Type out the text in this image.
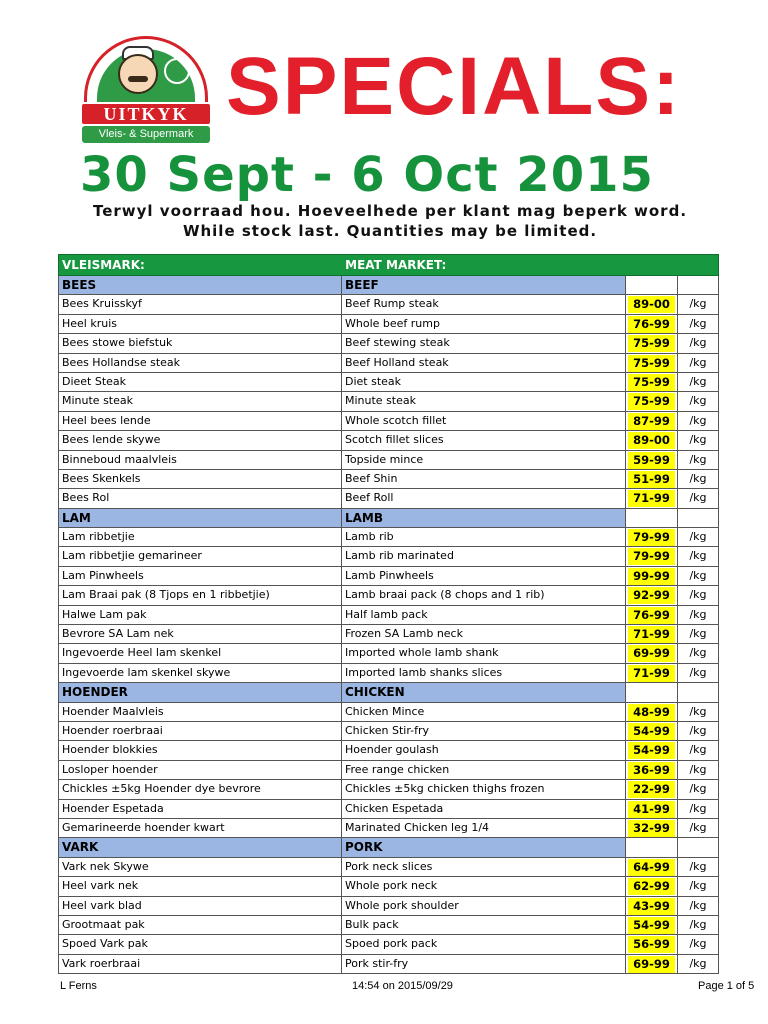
UITKYK
Vleis- & Supermark
SPECIALS:
30 Sept - 6 Oct 2015
Terwyl voorraad hou. Hoeveelhede per klant mag beperk word.
While stock last. Quantities may be limited.
VLEISMARK:	MEAT MARKET:
BEES	BEEF
Bees Kruisskyf	Beef Rump steak	89-00	/kg
Heel kruis	Whole beef rump	76-99	/kg
Bees stowe biefstuk	Beef stewing steak	75-99	/kg
Bees Hollandse steak	Beef Holland steak	75-99	/kg
Dieet Steak	Diet steak	75-99	/kg
Minute steak	Minute steak	75-99	/kg
Heel bees lende	Whole scotch fillet	87-99	/kg
Bees lende skywe	Scotch fillet slices	89-00	/kg
Binneboud maalvleis	Topside mince	59-99	/kg
Bees Skenkels	Beef Shin	51-99	/kg
Bees Rol	Beef Roll	71-99	/kg
LAM	LAMB
Lam ribbetjie	Lamb rib	79-99	/kg
Lam ribbetjie gemarineer	Lamb rib marinated	79-99	/kg
Lam Pinwheels	Lamb Pinwheels	99-99	/kg
Lam Braai pak (8 Tjops en 1 ribbetjie)	Lamb braai pack (8 chops and 1 rib)	92-99	/kg
Halwe Lam pak	Half lamb pack	76-99	/kg
Bevrore SA Lam nek	Frozen SA Lamb neck	71-99	/kg
Ingevoerde Heel lam skenkel	Imported whole lamb shank	69-99	/kg
Ingevoerde lam skenkel skywe	Imported lamb shanks slices	71-99	/kg
HOENDER	CHICKEN
Hoender Maalvleis	Chicken Mince	48-99	/kg
Hoender roerbraai	Chicken Stir-fry	54-99	/kg
Hoender blokkies	Hoender goulash	54-99	/kg
Losloper hoender	Free range chicken	36-99	/kg
Chickles ±5kg Hoender dye bevrore	Chickles ±5kg chicken thighs frozen	22-99	/kg
Hoender Espetada	Chicken Espetada	41-99	/kg
Gemarineerde hoender kwart	Marinated Chicken leg 1/4	32-99	/kg
VARK	PORK
Vark nek Skywe	Pork neck slices	64-99	/kg
Heel vark nek	Whole pork neck	62-99	/kg
Heel vark blad	Whole pork shoulder	43-99	/kg
Grootmaat pak	Bulk pack	54-99	/kg
Spoed Vark pak	Spoed pork pack	56-99	/kg
Vark roerbraai	Pork stir-fry	69-99	/kg
L Ferns	14:54 on 2015/09/29	Page 1 of 5
